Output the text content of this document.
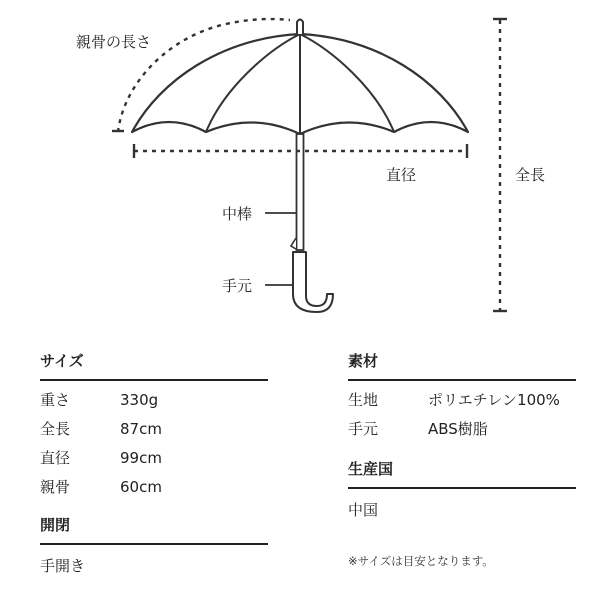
親骨の長さ
直径	全長
中棒
手元
サイズ
重さ	330g
全長	87cm
直径	99cm
親骨	60cm
開閉
手開き
素材
生地	ポリエチレン100%
手元	ABS樹脂
生産国
中国
※サイズは目安となります。
